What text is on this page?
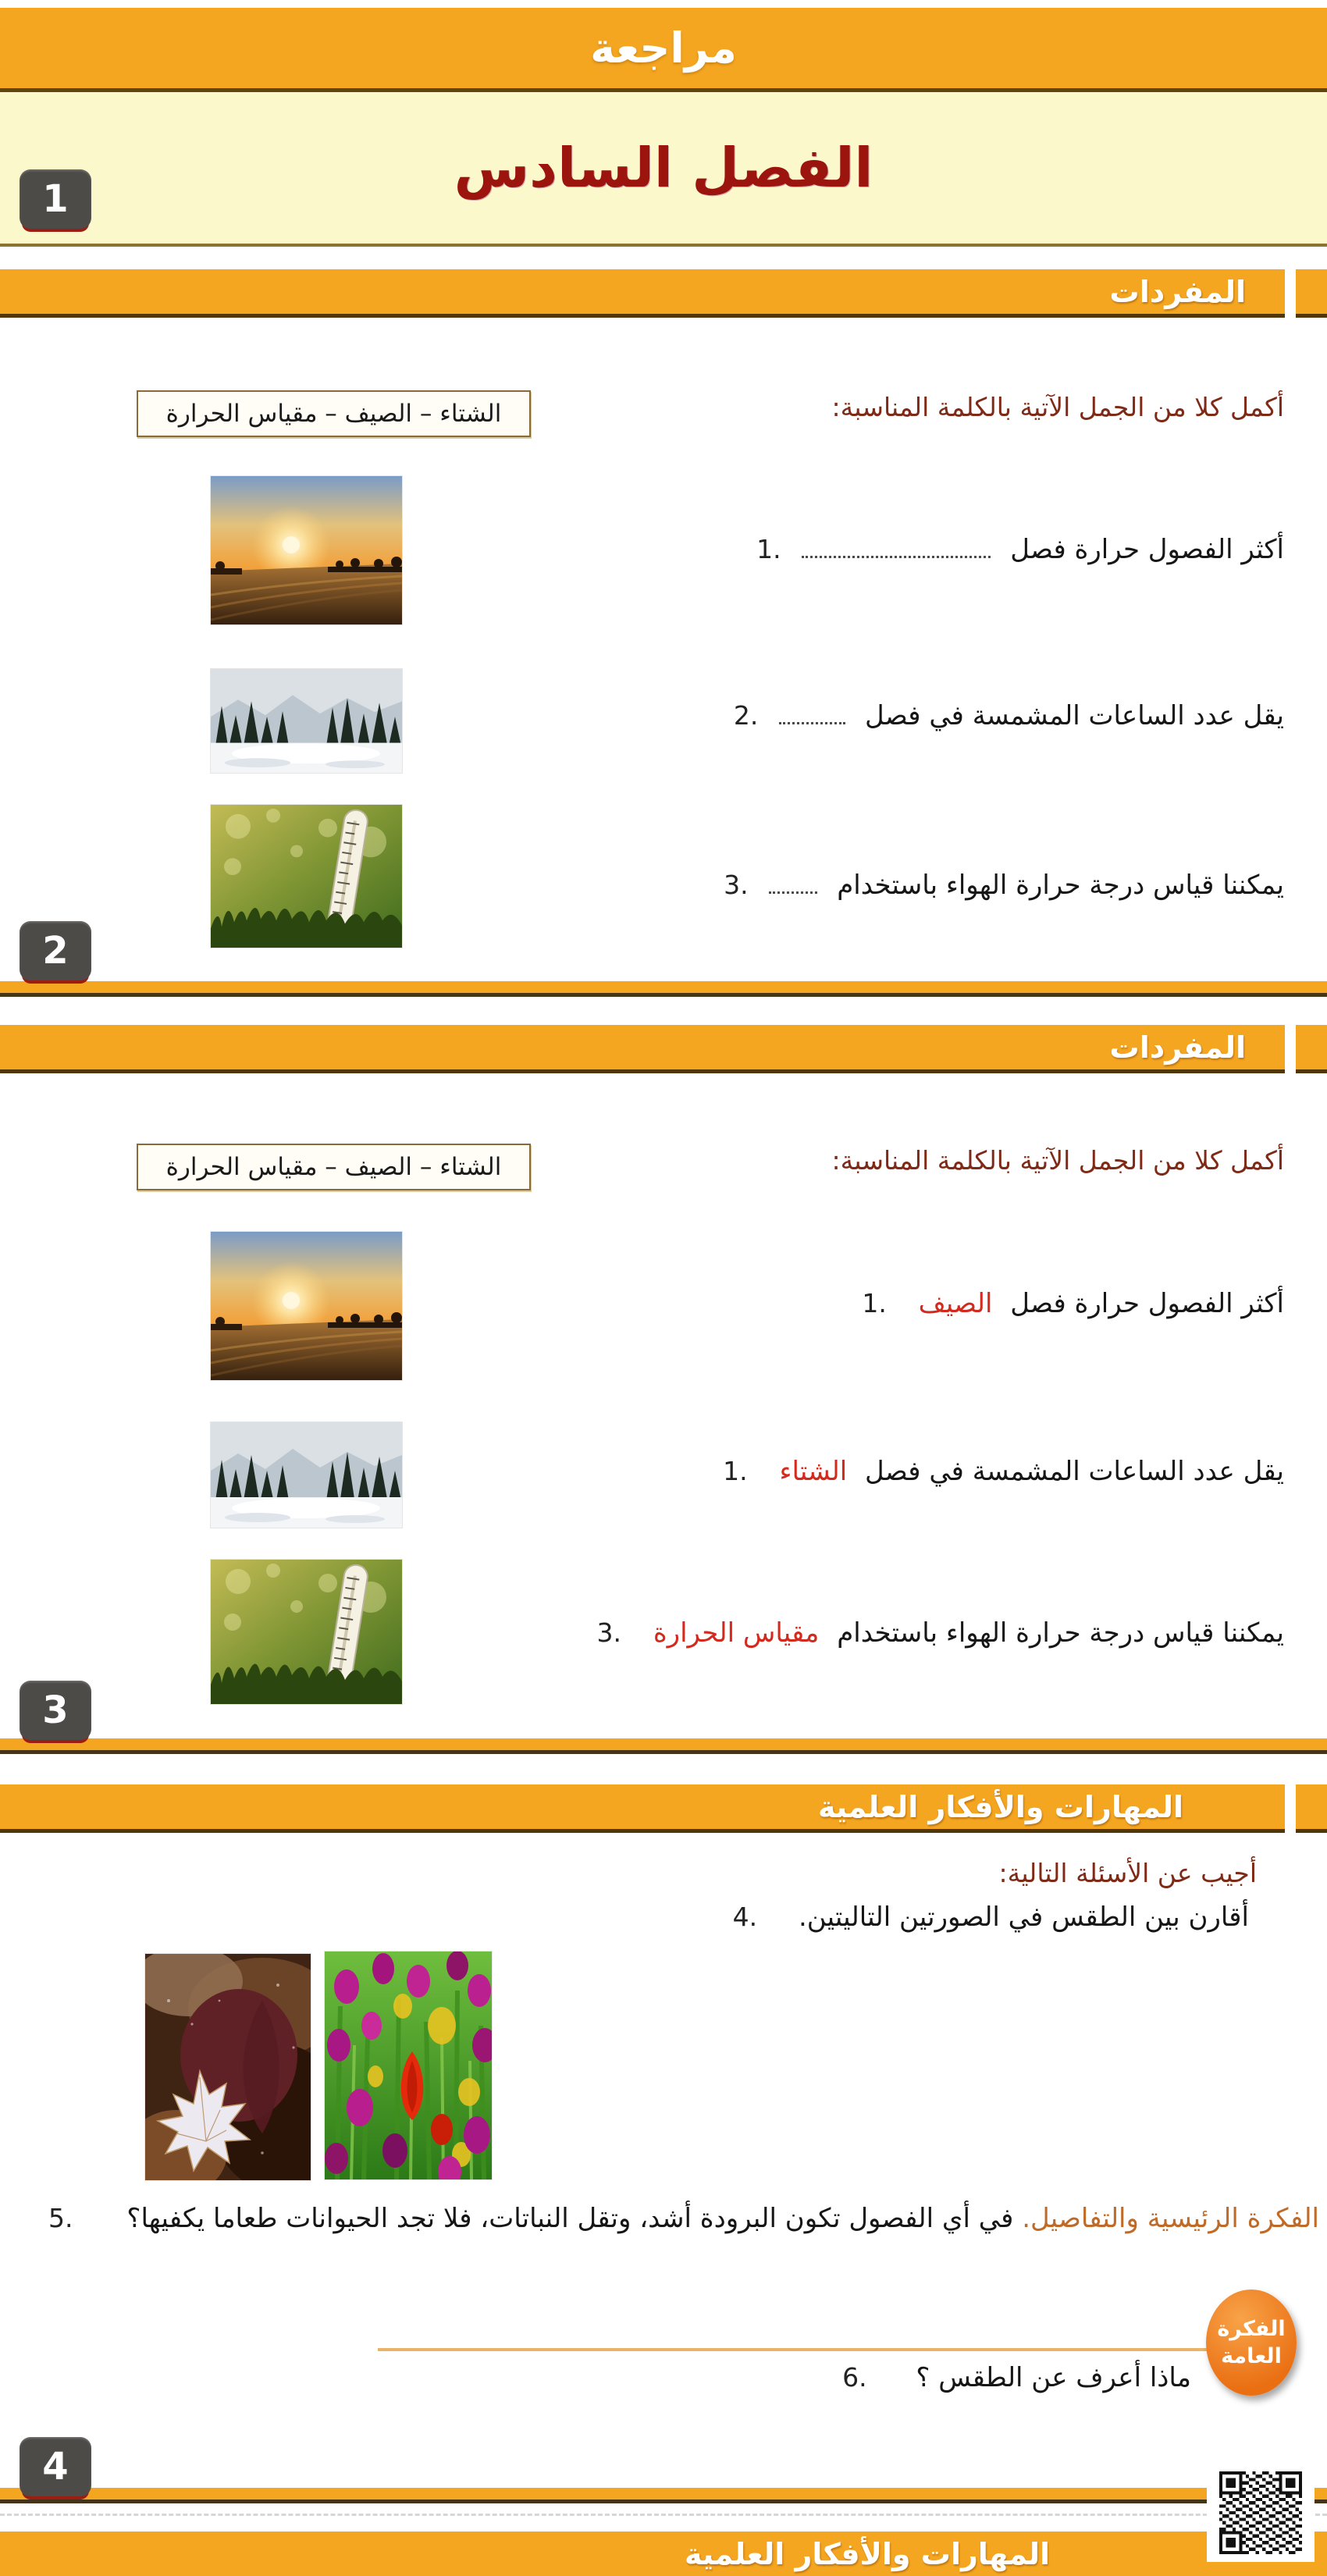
مراجعة
الفصل السادس
1
المفردات
أكمل كلا من الجمل الآتية بالكلمة المناسبة:
الشتاء – الصيف – مقياس الحرارة
أكثر الفصول حرارة فصل  1.
يقل عدد الساعات المشمسة في فصل  2.
يمكننا قياس درجة حرارة الهواء باستخدام  3.
2
المفردات
أكمل كلا من الجمل الآتية بالكلمة المناسبة:
الشتاء – الصيف – مقياس الحرارة
أكثر الفصول حرارة فصل الصيف 1.
يقل عدد الساعات المشمسة في فصل الشتاء 1.
يمكننا قياس درجة حرارة الهواء باستخدام مقياس الحرارة 3.
3
المهارات والأفكار العلمية
أجيب عن الأسئلة التالية:
أقارن بين الطقس في الصورتين التاليتين. 4.
الفكرة الرئيسية والتفاصيل. في أي الفصول تكون البرودة أشد، وتقل النباتات، فلا تجد الحيوانات طعاما يكفيها؟
5.
الفكرة
العامة
ماذا أعرف عن الطقس ؟ 6.
4
المهارات والأفكار العلمية
